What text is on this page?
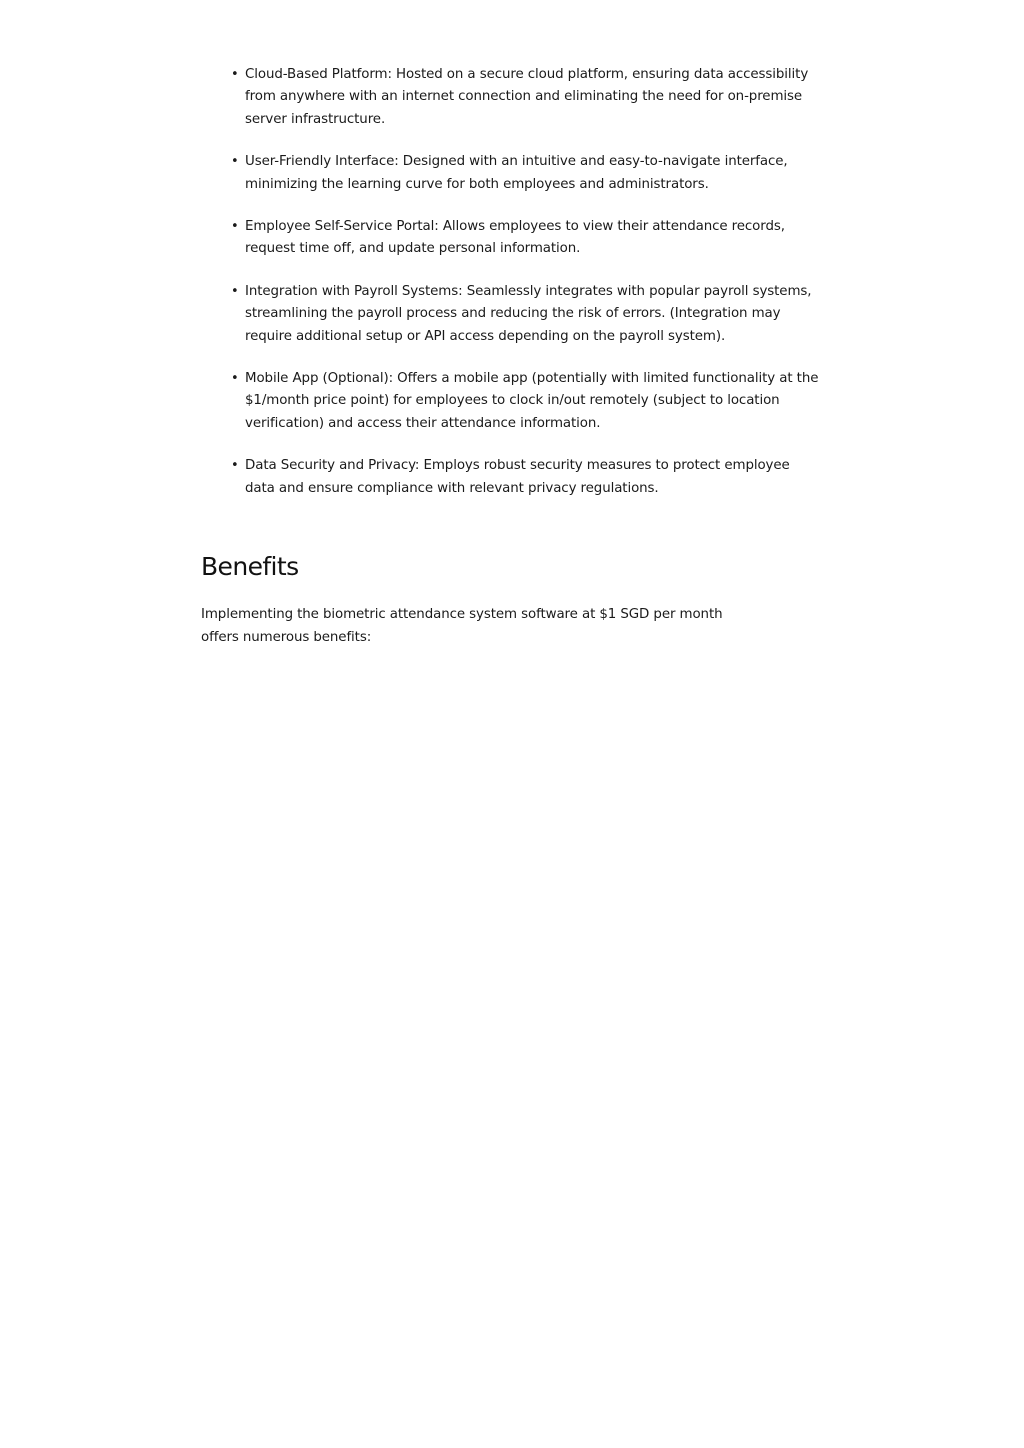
• Cloud-Based Platform: Hosted on a secure cloud platform, ensuring data accessibility from anywhere with an internet connection and eliminating the need for on-premise server infrastructure.
• User-Friendly Interface: Designed with an intuitive and easy-to-navigate interface, minimizing the learning curve for both employees and administrators.
• Employee Self-Service Portal: Allows employees to view their attendance records, request time off, and update personal information.
• Integration with Payroll Systems: Seamlessly integrates with popular payroll systems, streamlining the payroll process and reducing the risk of errors. (Integration may require additional setup or API access depending on the payroll system).
• Mobile App (Optional): Offers a mobile app (potentially with limited functionality at the $1/month price point) for employees to clock in/out remotely (subject to location verification) and access their attendance information.
• Data Security and Privacy: Employs robust security measures to protect employee data and ensure compliance with relevant privacy regulations.
Benefits

Implementing the biometric attendance system software at $1 SGD per month offers numerous benefits:
